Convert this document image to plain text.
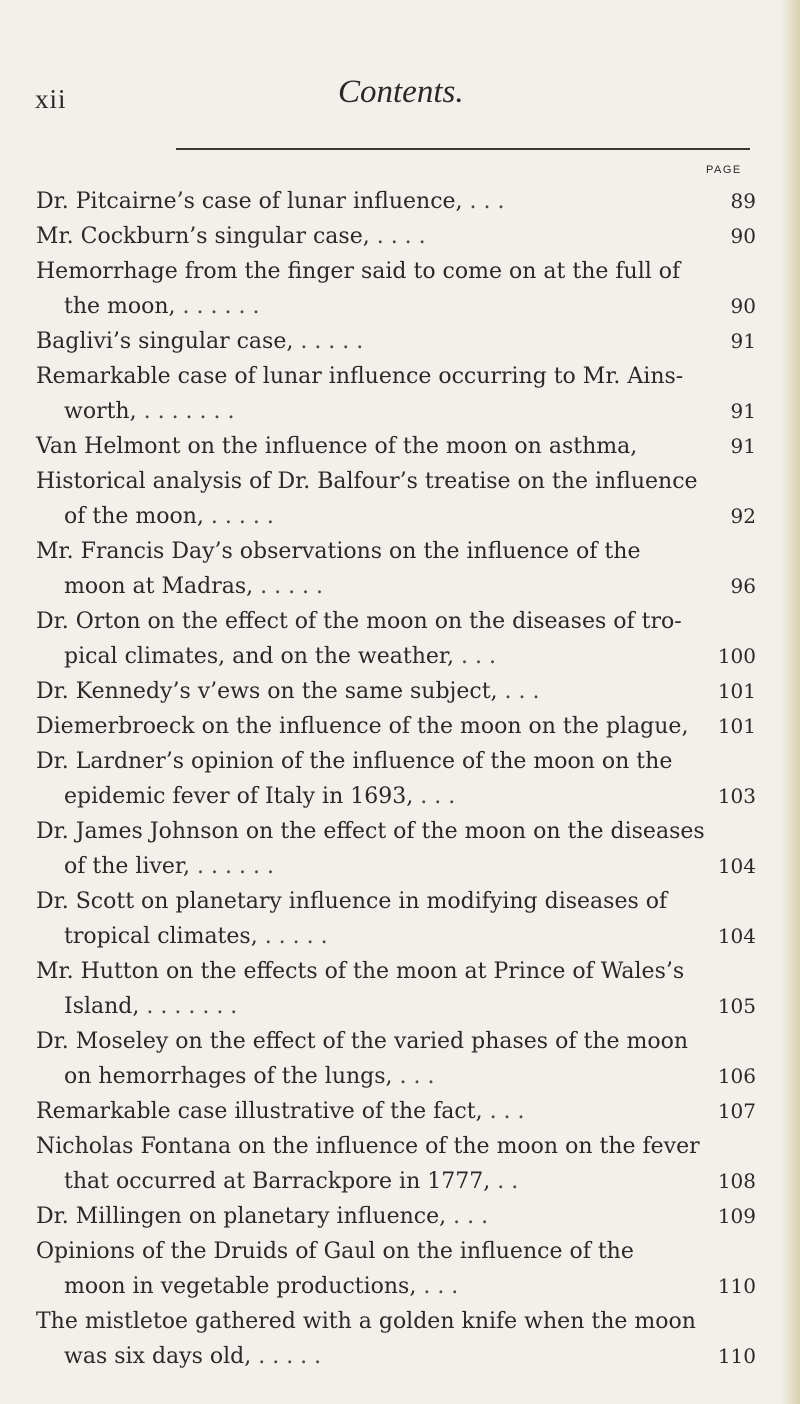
xii	Contents.
PAGE
Dr. Pitcairne’s case of lunar influence, . . .	89
Mr. Cockburn’s singular case, . . . .	90
Hemorrhage from the finger said to come on at the full of
the moon, . . . . . .	90
Baglivi’s singular case, . . . . .	91
Remarkable case of lunar influence occurring to Mr. Ains-
worth, . . . . . . .	91
Van Helmont on the influence of the moon on asthma,	91
Historical analysis of Dr. Balfour’s treatise on the influence
of the moon, . . . . .	92
Mr. Francis Day’s observations on the influence of the
moon at Madras, . . . . .	96
Dr. Orton on the effect of the moon on the diseases of tro-
pical climates, and on the weather, . . .	100
Dr. Kennedy’s v’ews on the same subject, . . .	101
Diemerbroeck on the influence of the moon on the plague,	101
Dr. Lardner’s opinion of the influence of the moon on the
epidemic fever of Italy in 1693, . . .	103
Dr. James Johnson on the effect of the moon on the diseases
of the liver, . . . . . .	104
Dr. Scott on planetary influence in modifying diseases of
tropical climates, . . . . .	104
Mr. Hutton on the effects of the moon at Prince of Wales’s
Island, . . . . . . .	105
Dr. Moseley on the effect of the varied phases of the moon
on hemorrhages of the lungs, . . .	106
Remarkable case illustrative of the fact, . . .	107
Nicholas Fontana on the influence of the moon on the fever
that occurred at Barrackpore in 1777, . .	108
Dr. Millingen on planetary influence, . . .	109
Opinions of the Druids of Gaul on the influence of the
moon in vegetable productions, . . .	110
The mistletoe gathered with a golden knife when the moon
was six days old, . . . . .	110
